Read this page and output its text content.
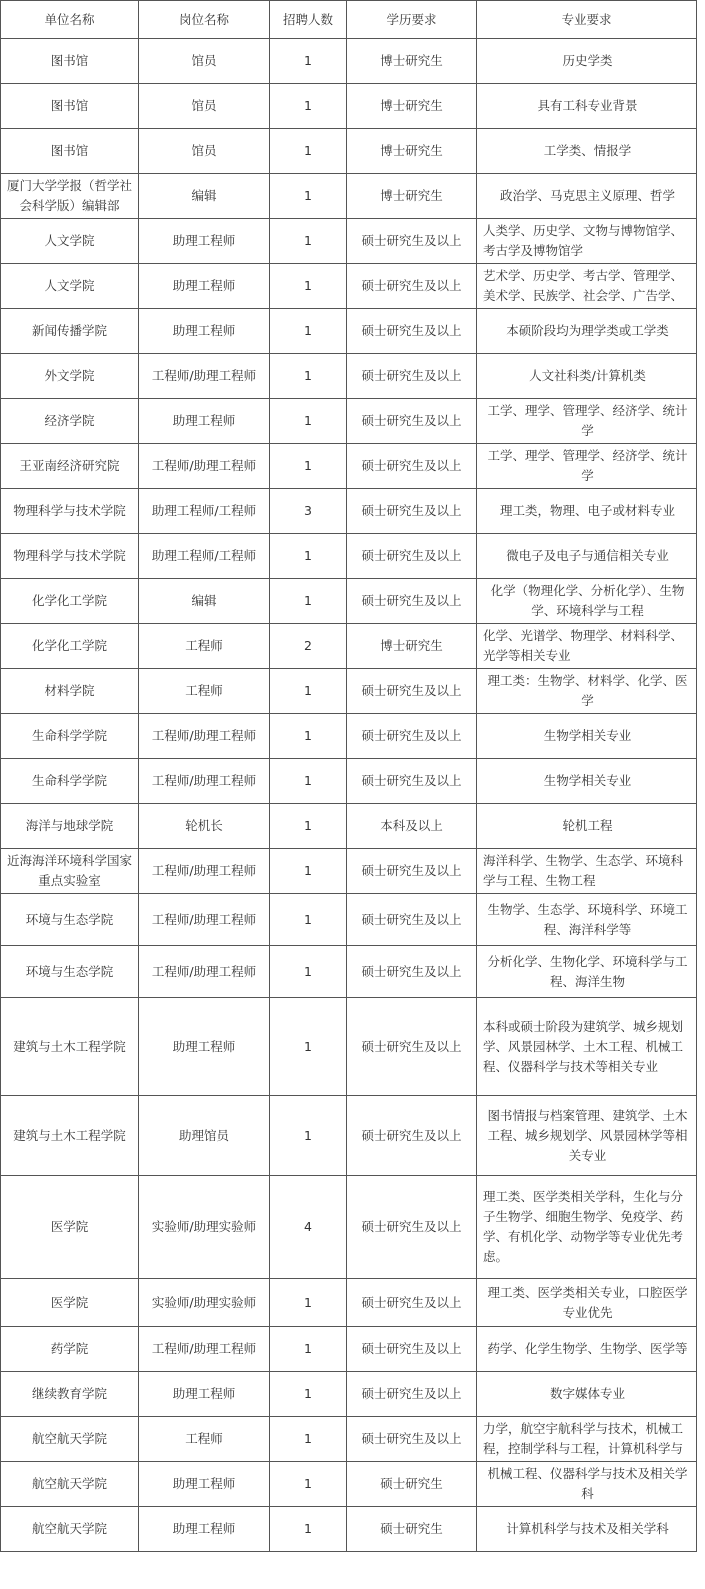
单位名称	岗位名称	招聘人数	学历要求	专业要求
图书馆	馆员	1	博士研究生	历史学类
图书馆	馆员	1	博士研究生	具有工科专业背景
图书馆	馆员	1	博士研究生	工学类、情报学
厦门大学学报（哲学社会科学版）编辑部	编辑	1	博士研究生	政治学、马克思主义原理、哲学
人文学院	助理工程师	1	硕士研究生及以上	人类学、历史学、文物与博物馆学、考古学及博物馆学
人文学院	助理工程师	1	硕士研究生及以上	艺术学、历史学、考古学、管理学、美术学、民族学、社会学、广告学、
新闻传播学院	助理工程师	1	硕士研究生及以上	本硕阶段均为理学类或工学类
外文学院	工程师/助理工程师	1	硕士研究生及以上	人文社科类/计算机类
经济学院	助理工程师	1	硕士研究生及以上	工学、理学、管理学、经济学、统计学
王亚南经济研究院	工程师/助理工程师	1	硕士研究生及以上	工学、理学、管理学、经济学、统计学
物理科学与技术学院	助理工程师/工程师	3	硕士研究生及以上	理工类，物理、电子或材料专业
物理科学与技术学院	助理工程师/工程师	1	硕士研究生及以上	微电子及电子与通信相关专业
化学化工学院	编辑	1	硕士研究生及以上	化学（物理化学、分析化学）、生物学、环境科学与工程
化学化工学院	工程师	2	博士研究生	化学、光谱学、物理学、材料科学、光学等相关专业
材料学院	工程师	1	硕士研究生及以上	理工类：生物学、材料学、化学、医学
生命科学学院	工程师/助理工程师	1	硕士研究生及以上	生物学相关专业
生命科学学院	工程师/助理工程师	1	硕士研究生及以上	生物学相关专业
海洋与地球学院	轮机长	1	本科及以上	轮机工程
近海海洋环境科学国家重点实验室	工程师/助理工程师	1	硕士研究生及以上	海洋科学、生物学、生态学、环境科学与工程、生物工程
环境与生态学院	工程师/助理工程师	1	硕士研究生及以上	生物学、生态学、环境科学、环境工程、海洋科学等
环境与生态学院	工程师/助理工程师	1	硕士研究生及以上	分析化学、生物化学、环境科学与工程、海洋生物
建筑与土木工程学院	助理工程师	1	硕士研究生及以上	本科或硕士阶段为建筑学、城乡规划学、风景园林学、土木工程、机械工程、仪器科学与技术等相关专业
建筑与土木工程学院	助理馆员	1	硕士研究生及以上	图书情报与档案管理、建筑学、土木工程、城乡规划学、风景园林学等相关专业
医学院	实验师/助理实验师	4	硕士研究生及以上	理工类、医学类相关学科，生化与分子生物学、细胞生物学、免疫学、药学、有机化学、动物学等专业优先考虑。
医学院	实验师/助理实验师	1	硕士研究生及以上	理工类、医学类相关专业，口腔医学专业优先
药学院	工程师/助理工程师	1	硕士研究生及以上	药学、化学生物学、生物学、医学等
继续教育学院	助理工程师	1	硕士研究生及以上	数字媒体专业
航空航天学院	工程师	1	硕士研究生及以上	力学，航空宇航科学与技术，机械工程，控制学科与工程，计算机科学与
航空航天学院	助理工程师	1	硕士研究生	机械工程、仪器科学与技术及相关学科
航空航天学院	助理工程师	1	硕士研究生	计算机科学与技术及相关学科
